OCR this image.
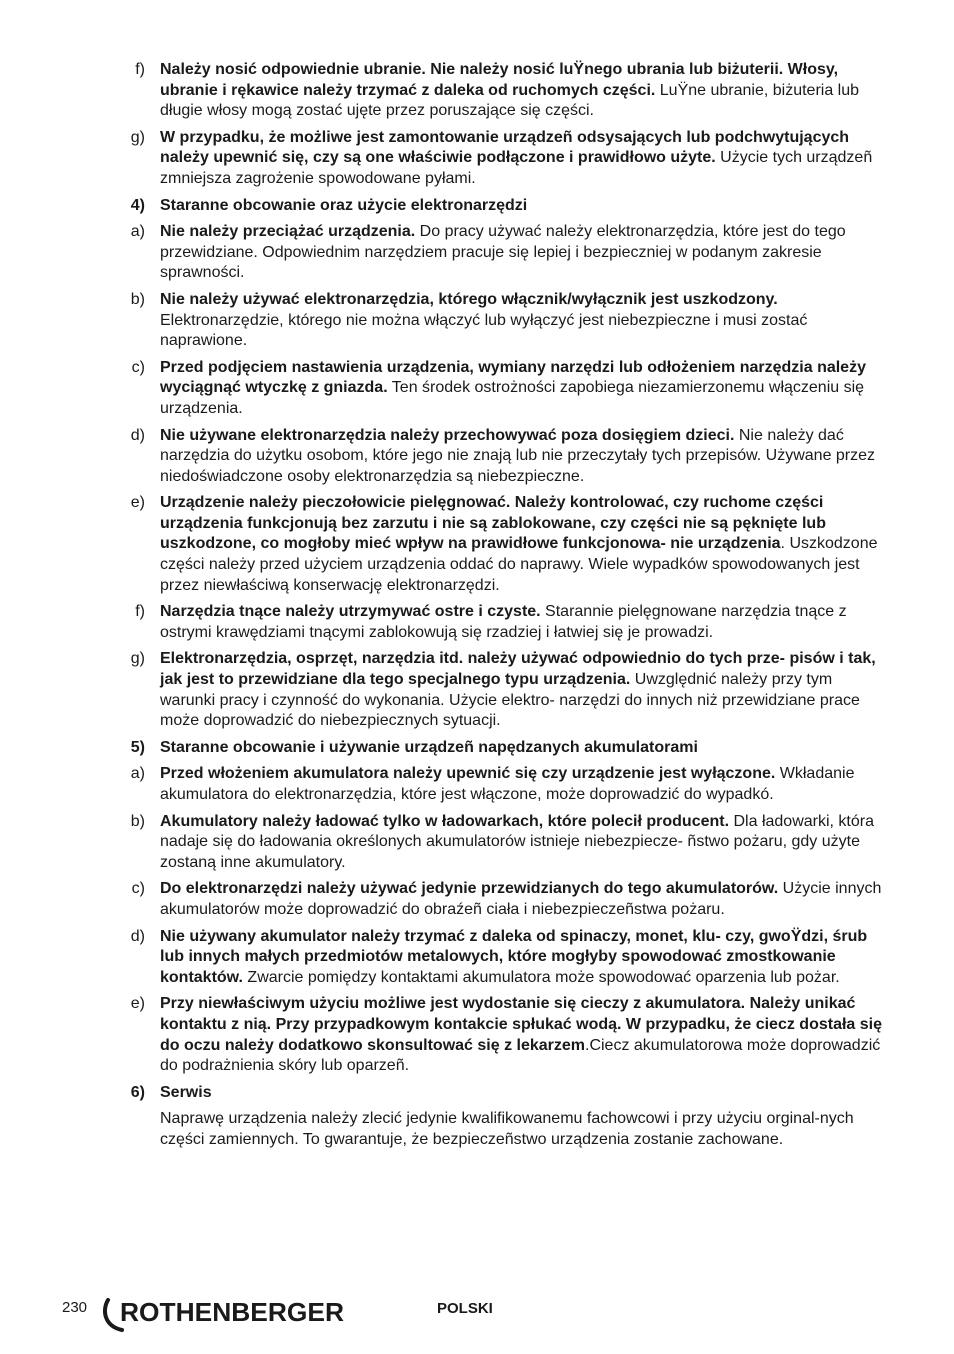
f) Należy nosić odpowiednie ubranie. Nie należy nosić luŸnego ubrania lub biżuterii. Włosy, ubranie i rękawice należy trzymać z daleka od ruchomych części. LuŸne ubranie, biżuteria lub długie włosy mogą zostać ujęte przez poruszające się części.
g) W przypadku, że możliwe jest zamontowanie urządzeñ odsysających lub podchwytujących należy upewnić się, czy są one właściwie podłączone i prawidłowo użyte. Użycie tych urządzeñ zmniejsza zagrożenie spowodowane pyłami.
4) Staranne obcowanie oraz użycie elektronarzędzi
a) Nie należy przeciążać urządzenia. Do pracy używać należy elektronarzędzia, które jest do tego przewidziane. Odpowiednim narzędziem pracuje się lepiej i bezpieczniej w podanym zakresie sprawności.
b) Nie należy używać elektronarzędzia, którego włącznik/wyłącznik jest uszkodzony. Elektronarzędzie, którego nie można włączyć lub wyłączyć jest niebezpieczne i musi zostać naprawione.
c) Przed podjęciem nastawienia urządzenia, wymiany narzędzi lub odłożeniem narzędzia należy wyciągnąć wtyczkę z gniazda. Ten środek ostrożności zapobiega niezamierzonemu włączeniu się urządzenia.
d) Nie używane elektronarzędzia należy przechowywać poza dosięgiem dzieci. Nie należy dać narzędzia do użytku osobom, które jego nie znają lub nie przeczytały tych przepisów. Używane przez niedoświadczone osoby elektronarzędzia są niebezpieczne.
e) Urządzenie należy pieczołowicie pielęgnować. Należy kontrolować, czy ruchome części urządzenia funkcjonują bez zarzutu i nie są zablokowane, czy części nie są pęknięte lub uszkodzone, co mogłoby mieć wpływ na prawidłowe funkcjonowa- nie urządzenia. Uszkodzone części należy przed użyciem urządzenia oddać do naprawy. Wiele wypadków spowodowanych jest przez niewłaściwą konserwację elektronarzędzi.
f) Narzędzia tnące należy utrzymywać ostre i czyste. Starannie pielęgnowane narzędzia tnące z ostrymi krawędziami tnącymi zablokowują się rzadziej i łatwiej się je prowadzi.
g) Elektronarzędzia, osprzęt, narzędzia itd. należy używać odpowiednio do tych prze- pisów i tak, jak jest to przewidziane dla tego specjalnego typu urządzenia. Uwzględnić należy przy tym warunki pracy i czynność do wykonania. Użycie elektro- narzędzi do innych niż przewidziane prace może doprowadzić do niebezpiecznych sytuacji.
5) Staranne obcowanie i używanie urządzeñ napędzanych akumulatorami
a) Przed włożeniem akumulatora należy upewnić się czy urządzenie jest wyłączone. Wkładanie akumulatora do elektronarzędzia, które jest włączone, może doprowadzić do wypadkó.
b) Akumulatory należy ładować tylko w ładowarkach, które polecił producent. Dla ładowarki, która nadaje się do ładowania określonych akumulatorów istnieje niebezpiecze- ñstwo pożaru, gdy użyte zostaną inne akumulatory.
c) Do elektronarzędzi należy używać jedynie przewidzianych do tego akumulatorów. Użycie innych akumulatorów może doprowadzić do obraźeñ ciała i niebezpieczeñstwa pożaru.
d) Nie używany akumulator należy trzymać z daleka od spinaczy, monet, klu- czy, gwoŸdzi, śrub lub innych małych przedmiotów metalowych, które mogłyby spowodować zmostkowanie kontaktów. Zwarcie pomiędzy kontaktami akumulatora może spowodować oparzenia lub pożar.
e) Przy niewłaściwym użyciu możliwe jest wydostanie się cieczy z akumulatora. Należy unikać kontaktu z nią. Przy przypadkowym kontakcie spłukać wodą. W przypadku, że ciecz dostała się do oczu należy dodatkowo skonsultować się z lekarzem.Ciecz akumulatorowa może doprowadzić do podrażnienia skóry lub oparzeñ.
6) Serwis
Naprawę urządzenia należy zlecić jedynie kwalifikowanemu fachowcowi i przy użyciu orginal-nych części zamiennych. To gwarantuje, że bezpieczeñstwo urządzenia zostanie zachowane.
230 ROTHENBERGER	POLSKI
